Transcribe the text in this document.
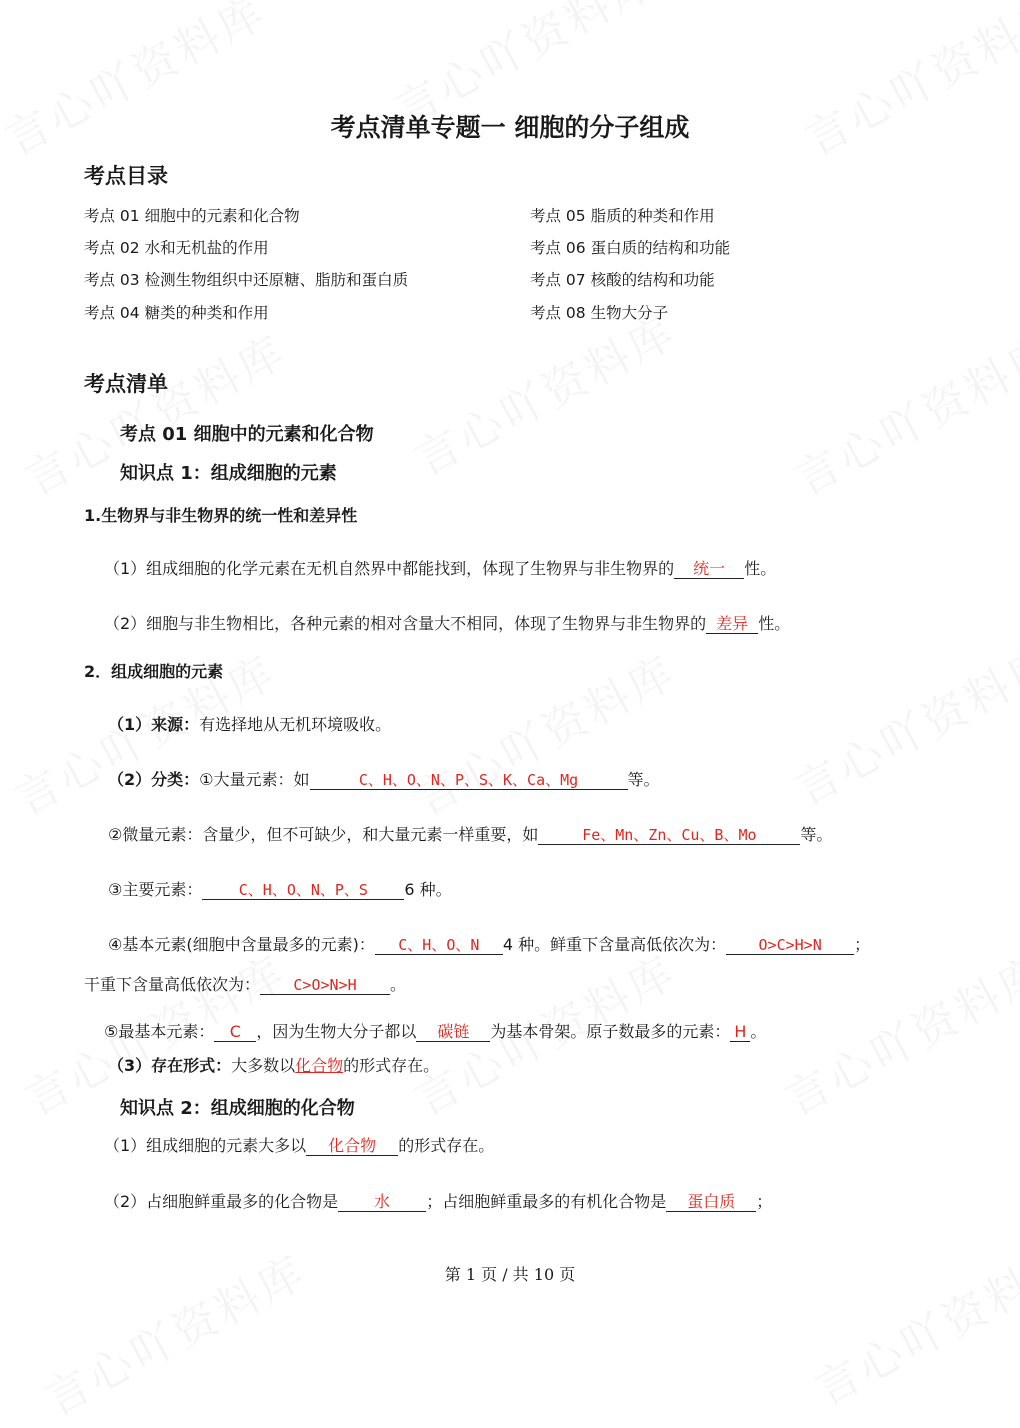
考点清单专题一 细胞的分子组成
考点目录
考点 01 细胞中的元素和化合物
考点 02 水和无机盐的作用
考点 03 检测生物组织中还原糖、脂肪和蛋白质
考点 04 糖类的种类和作用
考点 05 脂质的种类和作用
考点 06 蛋白质的结构和功能
考点 07 核酸的结构和功能
考点 08 生物大分子
考点清单
考点 01 细胞中的元素和化合物
知识点 1：组成细胞的元素
1.生物界与非生物界的统一性和差异性
（1）组成细胞的化学元素在无机自然界中都能找到，体现了生物界与非生物界的 统一 性。
（2）细胞与非生物相比，各种元素的相对含量大不相同，体现了生物界与非生物界的 差异 性。
2．组成细胞的元素
（1）来源：有选择地从无机环境吸收。
（2）分类：①大量元素：如	C、H、O、N、P、S、K、Ca、Mg	等。
②微量元素：含量少，但不可缺少，和大量元素一样重要，如	Fe、Mn、Zn、Cu、B、Mo	等。
③主要元素： C、H、O、N、P、S 6 种。
④基本元素(细胞中含量最多的元素)： C、H、O、N 4 种。鲜重下含量高低依次为： O>C>H>N ；
干重下含量高低依次为： C>O>N>H 。
⑤最基本元素： C ，因为生物大分子都以 碳链 为基本骨架。原子数最多的元素： H 。
（3）存在形式：大多数以化合物的形式存在。
知识点 2：组成细胞的化合物
（1）组成细胞的元素大多以 化合物 的形式存在。
（2）占细胞鲜重最多的化合物是 水 ；占细胞鲜重最多的有机化合物是 蛋白质 ；
第 1 页 / 共 10 页
